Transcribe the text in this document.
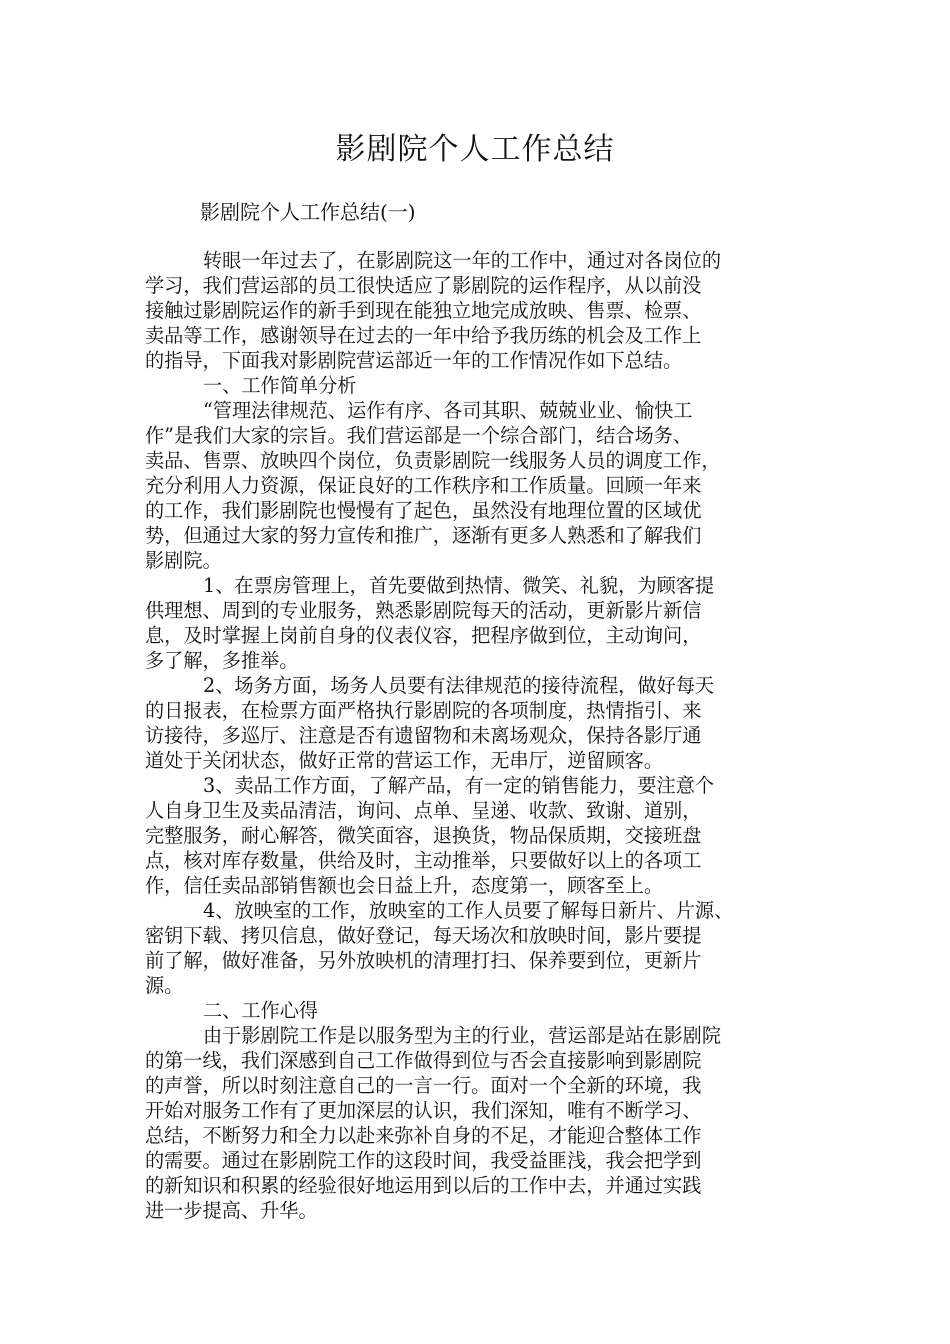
影剧院个人工作总结
影剧院个人工作总结(一)
转眼一年过去了，在影剧院这一年的工作中，通过对各岗位的
学习，我们营运部的员工很快适应了影剧院的运作程序，从以前没
接触过影剧院运作的新手到现在能独立地完成放映、售票、检票、
卖品等工作，感谢领导在过去的一年中给予我历练的机会及工作上
的指导，下面我对影剧院营运部近一年的工作情况作如下总结。
一、工作简单分析
“管理法律规范、运作有序、各司其职、兢兢业业、愉快工
作”是我们大家的宗旨。我们营运部是一个综合部门，结合场务、
卖品、售票、放映四个岗位，负责影剧院一线服务人员的调度工作，
充分利用人力资源，保证良好的工作秩序和工作质量。回顾一年来
的工作，我们影剧院也慢慢有了起色，虽然没有地理位置的区域优
势，但通过大家的努力宣传和推广，逐渐有更多人熟悉和了解我们
影剧院。
1、在票房管理上，首先要做到热情、微笑、礼貌，为顾客提
供理想、周到的专业服务，熟悉影剧院每天的活动，更新影片新信
息，及时掌握上岗前自身的仪表仪容，把程序做到位，主动询问，
多了解，多推举。
2、场务方面，场务人员要有法律规范的接待流程，做好每天
的日报表，在检票方面严格执行影剧院的各项制度，热情指引、来
访接待，多巡厅、注意是否有遗留物和未离场观众，保持各影厅通
道处于关闭状态，做好正常的营运工作，无串厅，逆留顾客。
3、卖品工作方面，了解产品，有一定的销售能力，要注意个
人自身卫生及卖品清洁，询问、点单、呈递、收款、致谢、道别，
完整服务，耐心解答，微笑面容，退换货，物品保质期，交接班盘
点，核对库存数量，供给及时，主动推举，只要做好以上的各项工
作，信任卖品部销售额也会日益上升，态度第一，顾客至上。
4、放映室的工作，放映室的工作人员要了解每日新片、片源、
密钥下载、拷贝信息，做好登记，每天场次和放映时间，影片要提
前了解，做好准备，另外放映机的清理打扫、保养要到位，更新片
源。
二、工作心得
由于影剧院工作是以服务型为主的行业，营运部是站在影剧院
的第一线，我们深感到自己工作做得到位与否会直接影响到影剧院
的声誉，所以时刻注意自己的一言一行。面对一个全新的环境，我
开始对服务工作有了更加深层的认识，我们深知，唯有不断学习、
总结，不断努力和全力以赴来弥补自身的不足，才能迎合整体工作
的需要。通过在影剧院工作的这段时间，我受益匪浅，我会把学到
的新知识和积累的经验很好地运用到以后的工作中去，并通过实践
进一步提高、升华。
